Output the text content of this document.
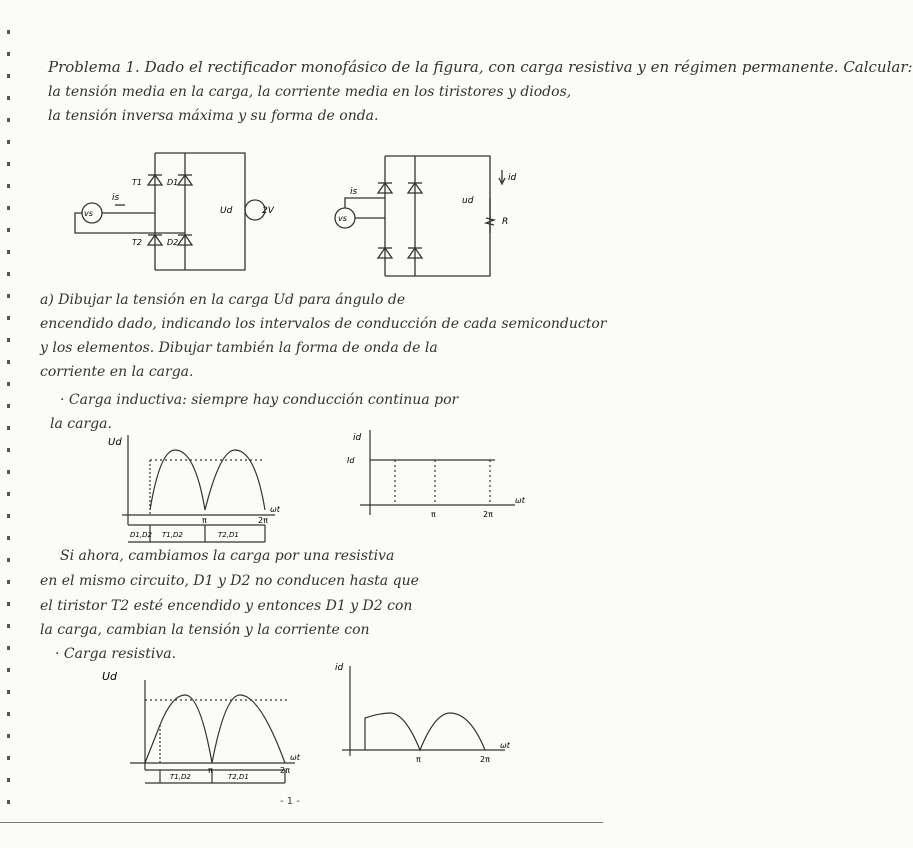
Problema 1. Dado el rectificador monofásico de la figura, con carga resistiva y en régimen permanente. Calcular:
la tensión media en la carga, la corriente media en los tiristores y diodos,
la tensión inversa máxima y su forma de onda.
is
vs
T1	D1
T2	D2
Ud	2V
is
vs
ud
id
R
a) Dibujar la tensión en la carga Ud para ángulo de
encendido dado, indicando los intervalos de conducción de cada semiconductor
y los elementos. Dibujar también la forma de onda de la
corriente en la carga.
· Carga inductiva: siempre hay conducción continua por
la carga.
Ud
ωt
π	2π
D1,D2 T1,D2	T2,D1
id
Id
ωt
π	2π
Si ahora, cambiamos la carga por una resistiva
en el mismo circuito, D1 y D2 no conducen hasta que
el tiristor T2 esté encendido y entonces D1 y D2 con
la carga, cambian la tensión y la corriente con
· Carga resistiva.
Ud
ωt
π	2π
T1,D2	T2,D1
id
ωt
π	2π
- 1 -
